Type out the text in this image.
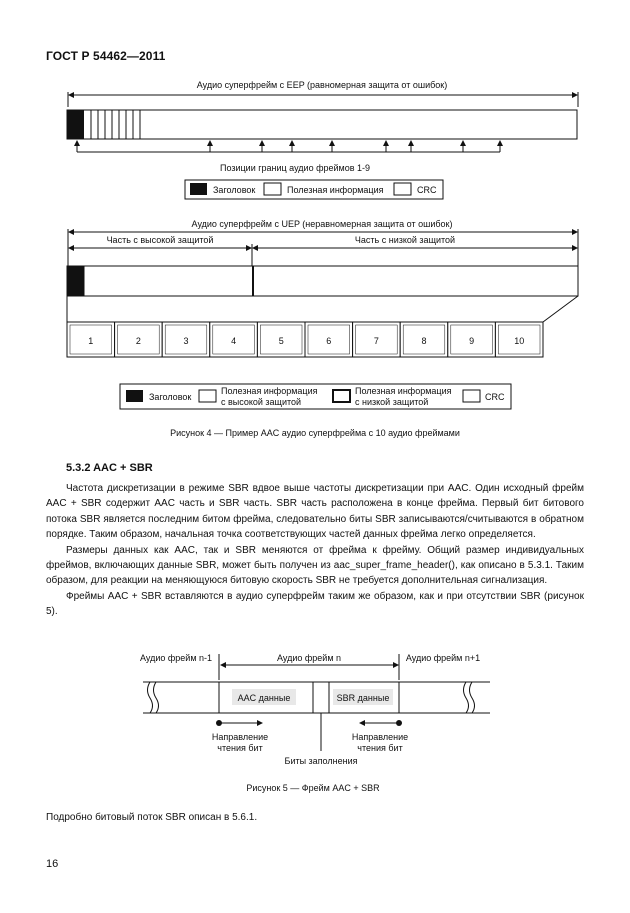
ГОСТ Р 54462—2011
Аудио суперфрейм с EEP (равномерная защита от ошибок)
Позиции границ аудио фреймов 1-9
Заголовок	Полезная информация	CRC
Аудио суперфрейм с UEP (неравномерная защита от ошибок)
Часть с высокой защитой	Часть с низкой защитой
1	2	3	4	5	6	7	8	9	10
Заголовок
Полезная информация
с высокой защитой
Полезная информация
с низкой защитой	CRC
Рисунок 4 — Пример AAC аудио суперфрейма с 10 аудио фреймами
5.3.2 AAC + SBR

Частота дискретизации в режиме SBR вдвое выше частоты дискретизации при AAC. Один исходный фрейм AAC + SBR содержит AAC часть и SBR часть. SBR часть расположена в конце фрейма. Первый бит битового потока SBR является последним битом фрейма, следовательно биты SBR записываются/считываются в обратном порядке. Таким образом, начальная точка соответствующих частей данных фрейма легко определяется.

Размеры данных как AAC, так и SBR меняются от фрейма к фрейму. Общий размер индивидуальных фреймов, включающих данные SBR, может быть получен из aac_super_frame_header(), как описано в 5.3.1. Таким образом, для реакции на меняющуюся битовую скорость SBR не требуется дополнительная сигнализация.

Фреймы AAC + SBR вставляются в аудио суперфрейм таким же образом, как и при отсутствии SBR (рисунок 5).

Аудио фрейм n-1	Аудио фрейм n	Аудио фрейм n+1
AAC данные	SBR данные
Направление
чтения бит
Направление
чтения бит
Биты заполнения
Рисунок 5 — Фрейм AAC + SBR
Подробно битовый поток SBR описан в 5.6.1.
16
